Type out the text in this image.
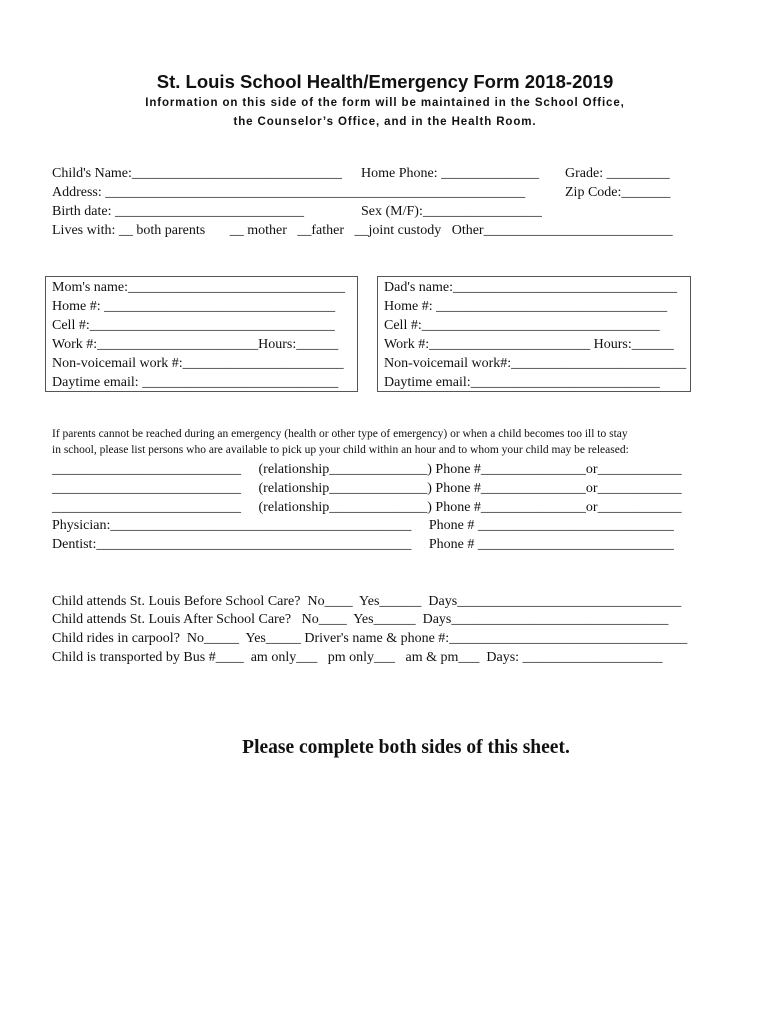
St. Louis School Health/Emergency Form 2018-2019
Information on this side of the form will be maintained in the School Office,
the Counselor’s Office, and in the Health Room.
Child's Name:______________________________ Home Phone: ______________ Grade: _________
Address: ____________________________________________________________	Zip Code:_______
Birth date: ___________________________	Sex (M/F):_________________
Lives with: __ both parents       __ mother   __father   __joint custody   Other___________________________
Mom's name:_______________________________
Home #: _________________________________
Cell #:___________________________________
Work #:_______________________Hours:______
Non-voicemail work #:_______________________
Daytime email: ____________________________
Dad's name:________________________________
Home #: _________________________________
Cell #:__________________________________
Work #:_______________________ Hours:______
Non-voicemail work#:_________________________
Daytime email:___________________________
If parents cannot be reached during an emergency (health or other type of emergency) or when a child becomes too ill to stay
in school, please list persons who are available to pick up your child within an hour and to whom your child may be released:
___________________________     (relationship______________) Phone #_______________or____________
___________________________     (relationship______________) Phone #_______________or____________
___________________________     (relationship______________) Phone #_______________or____________
Physician:___________________________________________     Phone # ____________________________
Dentist:_____________________________________________     Phone # ____________________________
Child attends St. Louis Before School Care?  No____  Yes______  Days________________________________
Child attends St. Louis After School Care?   No____  Yes______  Days_______________________________
Child rides in carpool?  No_____  Yes_____ Driver's name & phone #:__________________________________
Child is transported by Bus #____  am only___   pm only___   am & pm___  Days: ____________________
Please complete both sides of this sheet.
